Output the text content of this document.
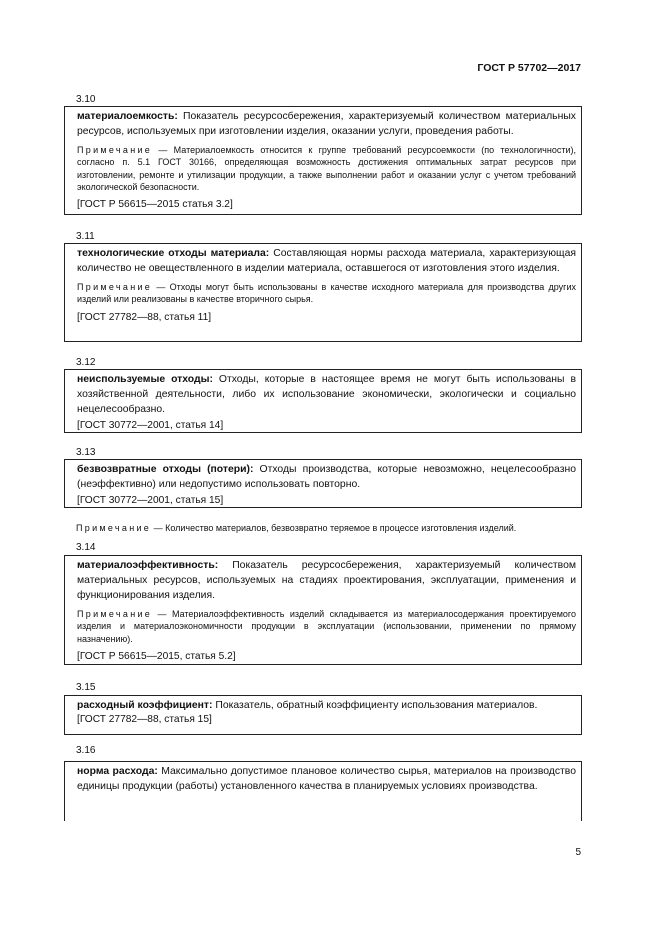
ГОСТ Р 57702—2017
3.10
материалоемкость: Показатель ресурсосбережения, характеризуемый количеством материальных ресурсов, используемых при изготовлении изделия, оказании услуги, проведения работы.
Примечание — Материалоемкость относится к группе требований ресурсоемкости (по технологичности), согласно п. 5.1 ГОСТ 30166, определяющая возможность достижения оптимальных затрат ресурсов при изготовлении, ремонте и утилизации продукции, а также выполнении работ и оказании услуг с учетом требований экологической безопасности.
[ГОСТ Р 56615—2015 статья 3.2]
3.11
технологические отходы материала: Составляющая нормы расхода материала, характеризующая количество не овеществленного в изделии материала, оставшегося от изготовления этого изделия.
Примечание — Отходы могут быть использованы в качестве исходного материала для производства других изделий или реализованы в качестве вторичного сырья.
[ГОСТ 27782—88, статья 11]
3.12
неиспользуемые отходы: Отходы, которые в настоящее время не могут быть использованы в хозяйственной деятельности, либо их использование экономически, экологически и социально нецелесообразно.
[ГОСТ 30772—2001, статья 14]
3.13
безвозвратные отходы (потери): Отходы производства, которые невозможно, нецелесообразно (неэффективно) или недопустимо использовать повторно.
[ГОСТ 30772—2001, статья 15]
Примечание — Количество материалов, безвозвратно теряемое в процессе изготовления изделий.
3.14
материалоэффективность: Показатель ресурсосбережения, характеризуемый количеством материальных ресурсов, используемых на стадиях проектирования, эксплуатации, применения и функционирования изделия.
Примечание — Материалоэффективность изделий складывается из материалосодержания проектируемого изделия и материалоэкономичности продукции в эксплуатации (использовании, применении по прямому назначению).
[ГОСТ Р 56615—2015, статья 5.2]
3.15
расходный коэффициент: Показатель, обратный коэффициенту использования материалов.
[ГОСТ 27782—88, статья 15]
3.16
норма расхода: Максимально допустимое плановое количество сырья, материалов на производство единицы продукции (работы) установленного качества в планируемых условиях производства.
5
